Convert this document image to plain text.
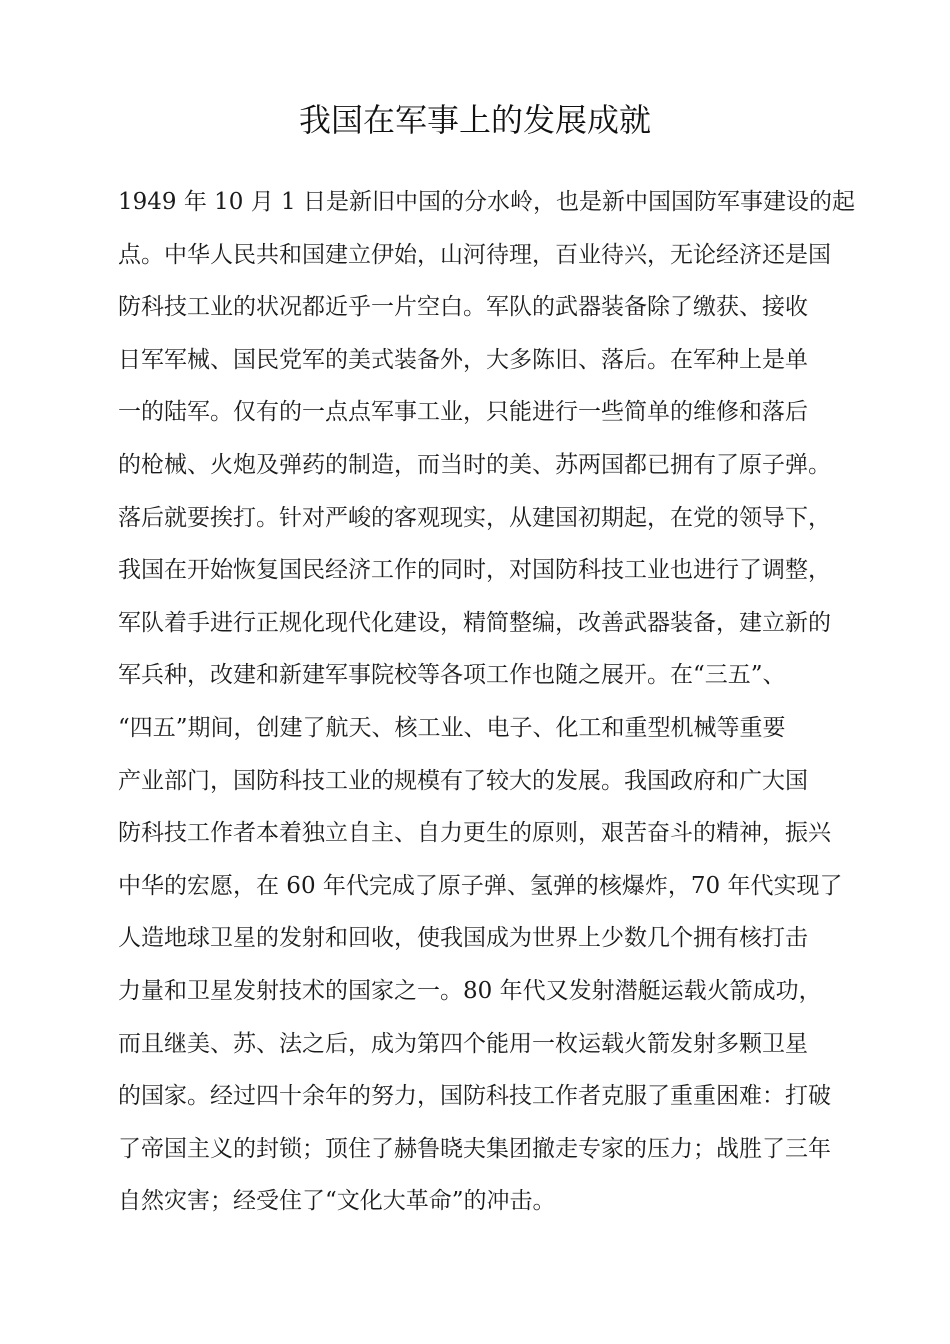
我国在军事上的发展成就
1949 年 10 月 1 日是新旧中国的分水岭，也是新中国国防军事建设的起
点。中华人民共和国建立伊始，山河待理，百业待兴，无论经济还是国
防科技工业的状况都近乎一片空白。军队的武器装备除了缴获、接收
日军军械、国民党军的美式装备外，大多陈旧、落后。在军种上是单
一的陆军。仅有的一点点军事工业，只能进行一些简单的维修和落后
的枪械、火炮及弹药的制造，而当时的美、苏两国都已拥有了原子弹。
落后就要挨打。针对严峻的客观现实，从建国初期起，在党的领导下，
我国在开始恢复国民经济工作的同时，对国防科技工业也进行了调整，
军队着手进行正规化现代化建设，精简整编，改善武器装备，建立新的
军兵种，改建和新建军事院校等各项工作也随之展开。在“三五”、
“四五”期间，创建了航天、核工业、电子、化工和重型机械等重要
产业部门，国防科技工业的规模有了较大的发展。我国政府和广大国
防科技工作者本着独立自主、自力更生的原则，艰苦奋斗的精神，振兴
中华的宏愿，在 60 年代完成了原子弹、氢弹的核爆炸，70 年代实现了
人造地球卫星的发射和回收，使我国成为世界上少数几个拥有核打击
力量和卫星发射技术的国家之一。80 年代又发射潜艇运载火箭成功，
而且继美、苏、法之后，成为第四个能用一枚运载火箭发射多颗卫星
的国家。经过四十余年的努力，国防科技工作者克服了重重困难：打破
了帝国主义的封锁；顶住了赫鲁晓夫集团撤走专家的压力；战胜了三年
自然灾害；经受住了“文化大革命”的冲击。
